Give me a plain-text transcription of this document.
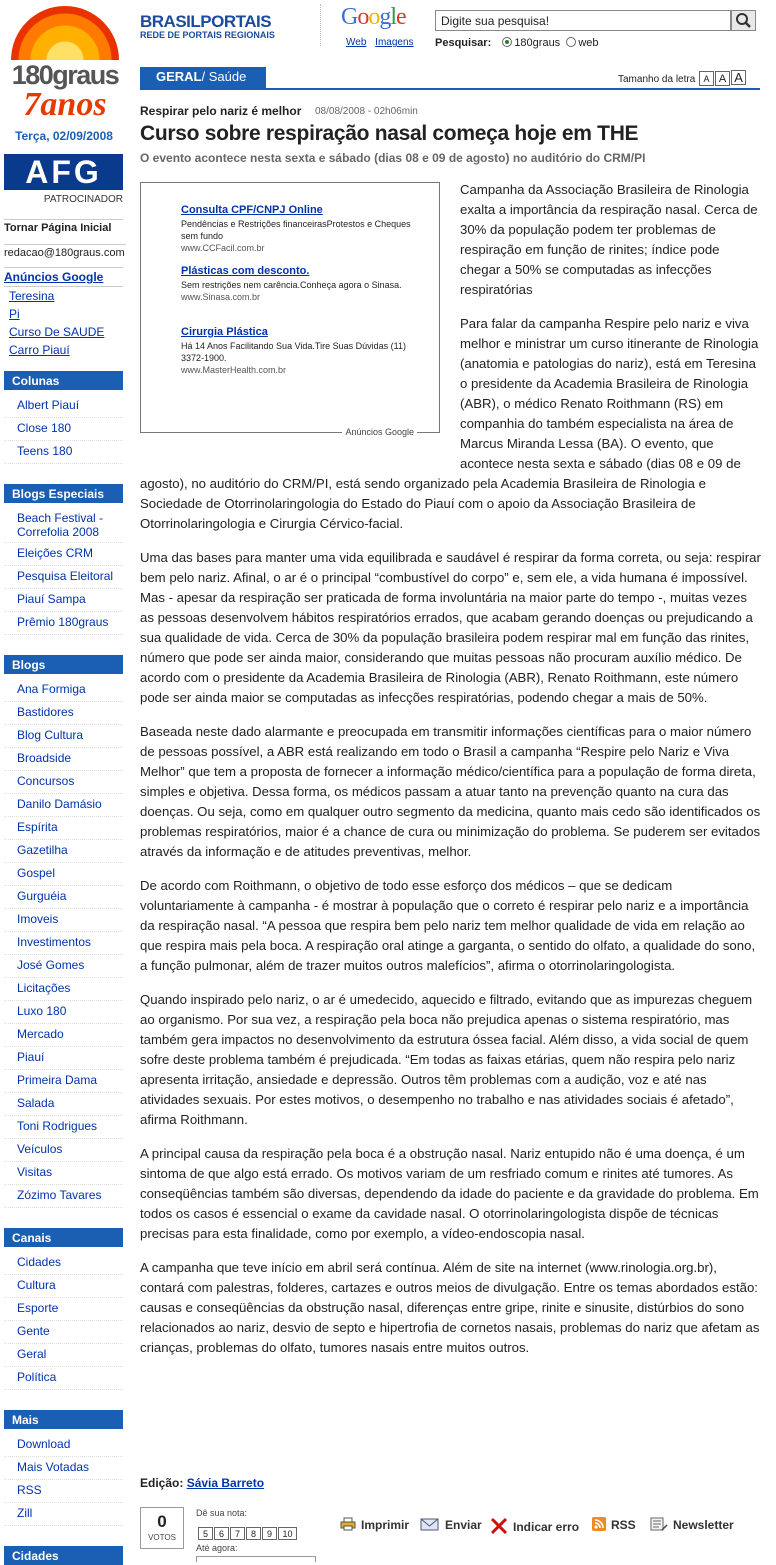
180graus
7anos
Terça, 02/09/2008
AFG
PATROCINADOR
Tornar Página Inicial
redacao@180graus.com
Anúncios Google
Teresina
Pi
Curso De SAUDE
Carro Piauí
Colunas
Albert Piauí
Close 180
Teens 180
Blogs Especiais
Beach Festival - Correfolia 2008
Eleições CRM
Pesquisa Eleitoral
Piauí Sampa
Prêmio 180graus
Blogs
Ana Formiga
Bastidores
Blog Cultura
Broadside
Concursos
Danilo Damásio
Espírita
Gazetilha
Gospel
Gurguéia
Imoveis
Investimentos
José Gomes
Licitações
Luxo 180
Mercado
Piauí
Primeira Dama
Salada
Toni Rodrigues
Veículos
Visitas
Zózimo Tavares
Canais
Cidades
Cultura
Esporte
Gente
Geral
Política
Mais
Download
Mais Votadas
RSS
Zill
Cidades
BRASILPORTAIS
REDE DE PORTAIS REGIONAIS
Google
Web Imagens
Digite sua pesquisa!	Pesquisar: 180graus web
GERAL/ Saúde	Tamanho da letra A A A
Respirar pelo nariz é melhor 08/08/2008 - 02h06min
Curso sobre respiração nasal começa hoje em THE
O evento acontece nesta sexta e sábado (dias 08 e 09 de agosto) no auditório do CRM/PI

Campanha da Associação Brasileira de Rinologia exalta a importância da respiração nasal. Cerca de 30% da população podem ter problemas de respiração em função de rinites; índice pode chegar a 50% se computadas as infecções respiratórias

Para falar da campanha Respire pelo nariz e viva melhor e ministrar um curso itinerante de Rinologia (anatomia e patologias do nariz), está em Teresina o presidente da Academia Brasileira de Rinologia (ABR), o médico Renato Roithmann (RS) em companhia do também especialista na área de Marcus Miranda Lessa (BA). O evento, que acontece nesta sexta e sábado (dias 08 e 09 de agosto), no auditório do CRM/PI, está sendo organizado pela Academia Brasileira de Rinologia e Sociedade de Otorrinolaringologia do Estado do Piauí com o apoio da Associação Brasileira de Otorrinolaringologia e Cirurgia Cérvico-facial.

Uma das bases para manter uma vida equilibrada e saudável é respirar da forma correta, ou seja: respirar bem pelo nariz. Afinal, o ar é o principal “combustível do corpo” e, sem ele, a vida humana é impossível. Mas - apesar da respiração ser praticada de forma involuntária na maior parte do tempo -, muitas vezes as pessoas desenvolvem hábitos respiratórios errados, que acabam gerando doenças ou prejudicando a sua qualidade de vida. Cerca de 30% da população brasileira podem respirar mal em função das rinites, número que pode ser ainda maior, considerando que muitas pessoas não procuram auxílio médico. De acordo com o presidente da Academia Brasileira de Rinologia (ABR), Renato Roithmann, este número pode ser ainda maior se computadas as infecções respiratórias, podendo chegar a mais de 50%.

Baseada neste dado alarmante e preocupada em transmitir informações científicas para o maior número de pessoas possível, a ABR está realizando em todo o Brasil a campanha “Respire pelo Nariz e Viva Melhor” que tem a proposta de fornecer a informação médico/científica para a população de forma direta, simples e objetiva. Dessa forma, os médicos passam a atuar tanto na prevenção quanto na cura das doenças. Ou seja, como em qualquer outro segmento da medicina, quanto mais cedo são identificados os problemas respiratórios, maior é a chance de cura ou minimização do problema. Se puderem ser evitados através da informação e de atitudes preventivas, melhor.

De acordo com Roithmann, o objetivo de todo esse esforço dos médicos – que se dedicam voluntariamente à campanha - é mostrar à população que o correto é respirar pelo nariz e a importância da respiração nasal. “A pessoa que respira bem pelo nariz tem melhor qualidade de vida em relação ao que respira mais pela boca. A respiração oral atinge a garganta, o sentido do olfato, a qualidade do sono, a função pulmonar, além de trazer muitos outros malefícios”, afirma o otorrinolaringologista.

Quando inspirado pelo nariz, o ar é umedecido, aquecido e filtrado, evitando que as impurezas cheguem ao organismo. Por sua vez, a respiração pela boca não prejudica apenas o sistema respiratório, mas também gera impactos no desenvolvimento da estrutura óssea facial. Além disso, a vida social de quem sofre deste problema também é prejudicada. “Em todas as faixas etárias, quem não respira pelo nariz apresenta irritação, ansiedade e depressão. Outros têm problemas com a audição, voz e até nas atividades sexuais. Por estes motivos, o desempenho no trabalho e nas atividades sociais é afetado”, afirma Roithmann.

A principal causa da respiração pela boca é a obstrução nasal. Nariz entupido não é uma doença, é um sintoma de que algo está errado. Os motivos variam de um resfriado comum e rinites até tumores. As conseqüências também são diversas, dependendo da idade do paciente e da gravidade do problema. Em todos os casos é essencial o exame da cavidade nasal. O otorrinolaringologista dispõe de técnicas precisas para esta finalidade, como por exemplo, a vídeo-endoscopia nasal.

A campanha que teve início em abril será contínua. Além de site na internet (www.rinologia.org.br), contará com palestras, folderes, cartazes e outros meios de divulgação. Entre os temas abordados estão: causas e conseqüências da obstrução nasal, diferenças entre gripe, rinite e sinusite, distúrbios do sono relacionados ao nariz, desvio de septo e hipertrofia de cornetos nasais, problemas do nariz que afetam as crianças, problemas do olfato, tumores nasais entre muitos outros.

Consulta CPF/CNPJ Online
Pendências e Restrições financeirasProtestos e Cheques sem fundo
www.CCFacil.com.br
Plásticas com desconto.
Sem restrições nem carência.Conheça agora o Sinasa.
www.Sinasa.com.br
Cirurgia Plástica
Há 14 Anos Facilitando Sua Vida.Tire Suas Dúvidas (11) 3372-1900.
www.MasterHealth.com.br
Anúncios Google
Edição: Sávia Barreto
0
VOTOS
Dê sua nota:
5 6 7 8 9 10
Até agora:
Imprimir	Enviar	Indicar erro	RSS	Newsletter
